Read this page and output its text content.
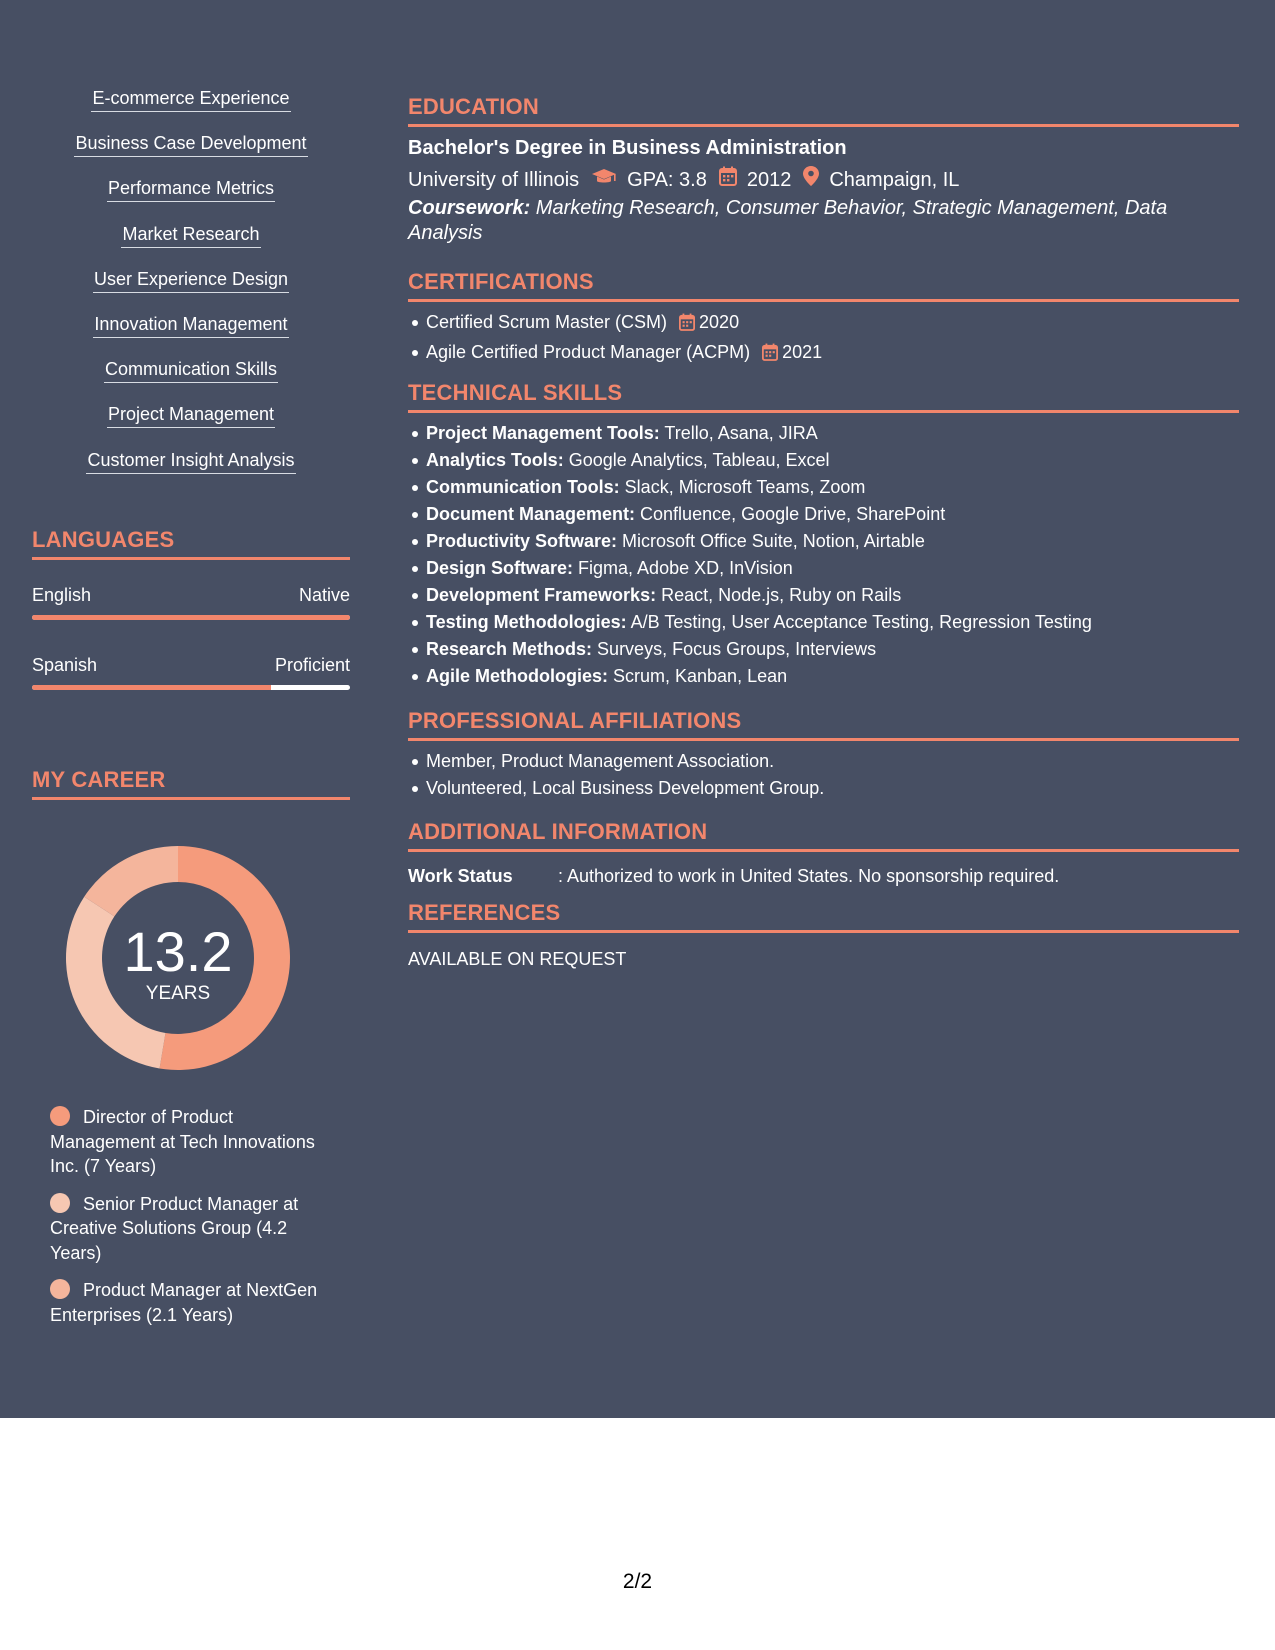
E-commerce Experience
Business Case Development
Performance Metrics
Market Research
User Experience Design
Innovation Management
Communication Skills
Project Management
Customer Insight Analysis
LANGUAGES
English	Native
Spanish	Proficient
MY CAREER
13.2
YEARS
Director of Product Management at Tech Innovations Inc. (7 Years)
Senior Product Manager at Creative Solutions Group (4.2 Years)
Product Manager at NextGen Enterprises (2.1 Years)
EDUCATION
Bachelor's Degree in Business Administration
University of Illinois GPA: 3.8 2012 Champaign, IL
Coursework: Marketing Research, Consumer Behavior, Strategic Management, Data Analysis
CERTIFICATIONS
Certified Scrum Master (CSM) 2020
Agile Certified Product Manager (ACPM) 2021
TECHNICAL SKILLS
Project Management Tools: Trello, Asana, JIRA
Analytics Tools: Google Analytics, Tableau, Excel
Communication Tools: Slack, Microsoft Teams, Zoom
Document Management: Confluence, Google Drive, SharePoint
Productivity Software: Microsoft Office Suite, Notion, Airtable
Design Software: Figma, Adobe XD, InVision
Development Frameworks: React, Node.js, Ruby on Rails
Testing Methodologies: A/B Testing, User Acceptance Testing, Regression Testing
Research Methods: Surveys, Focus Groups, Interviews
Agile Methodologies: Scrum, Kanban, Lean
PROFESSIONAL AFFILIATIONS
Member, Product Management Association.
Volunteered, Local Business Development Group.
ADDITIONAL INFORMATION
Work Status	: Authorized to work in United States. No sponsorship required.
REFERENCES
AVAILABLE ON REQUEST
2/2
